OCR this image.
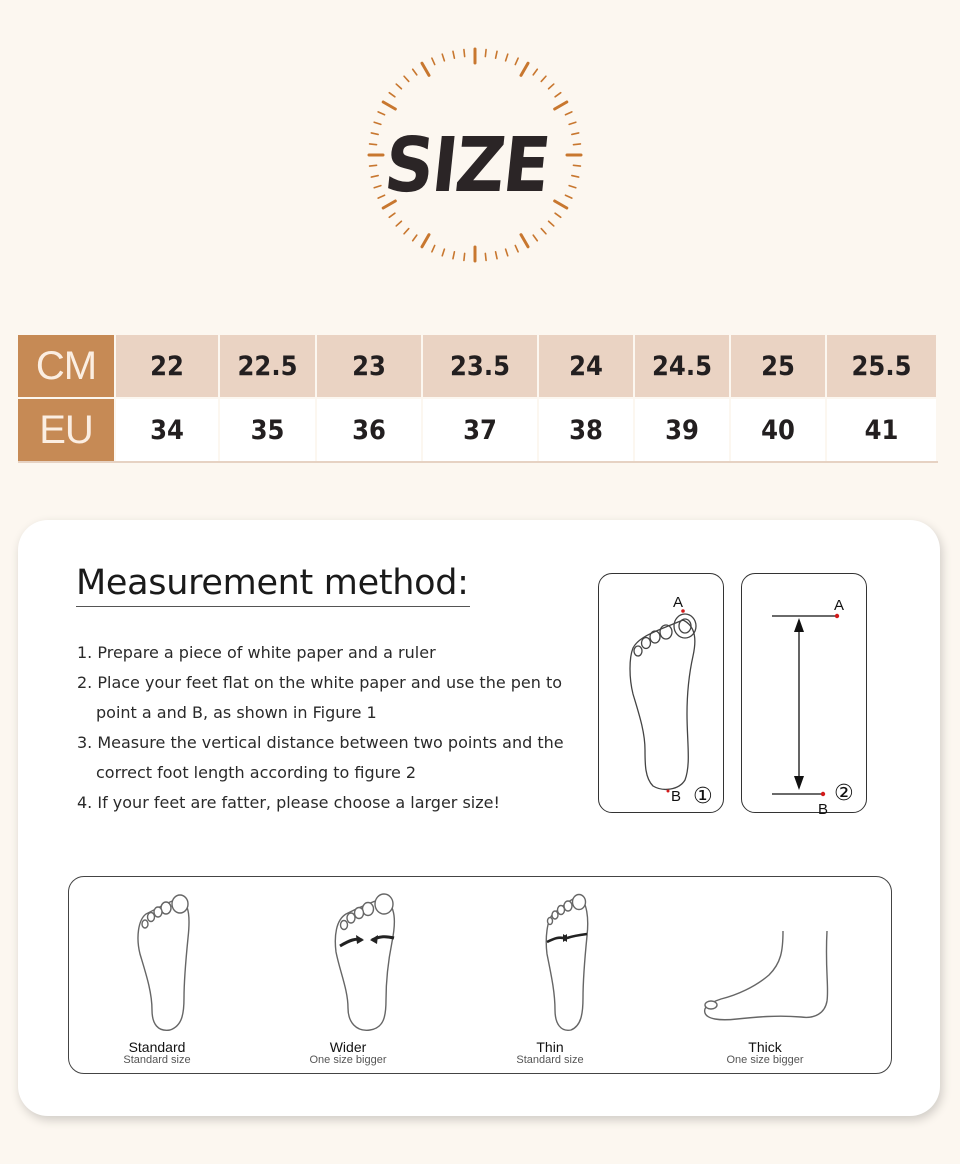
SIZE
CM	22	22.5	23	23.5	24	24.5	25	25.5
EU	34	35	36	37	38	39	40	41
Measurement method:
1. Prepare a piece of white paper and a ruler
2. Place your feet flat on the white paper and use the pen to
point a and B, as shown in Figure 1
3. Measure the vertical distance between two points and the
correct foot length according to figure 2
4. If your feet are fatter, please choose a larger size!
A
B ①
A
B
②
Standard
Standard size
Wider
One size bigger
Thin
Standard size
Thick
One size bigger
